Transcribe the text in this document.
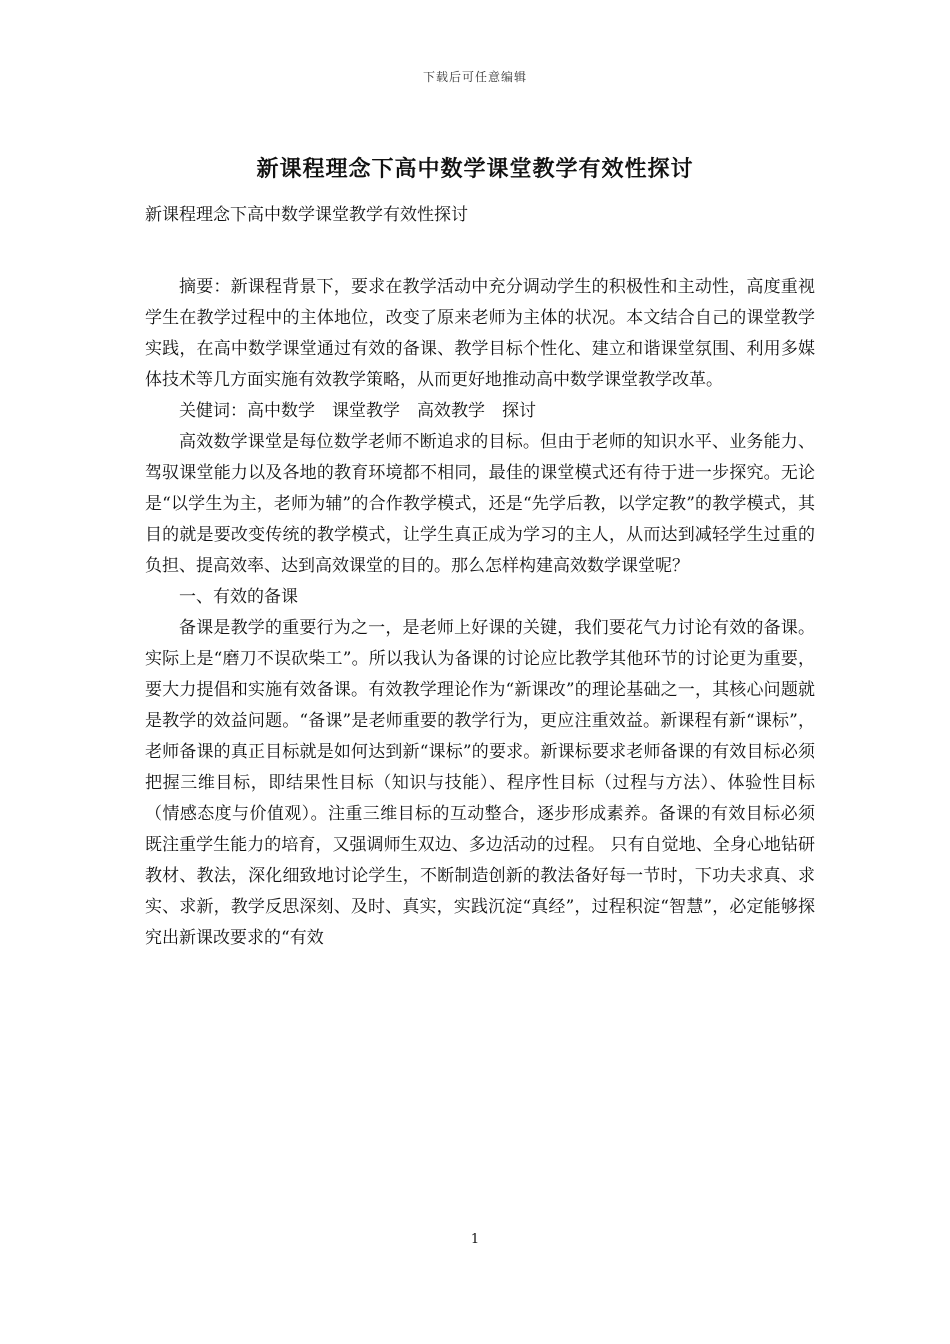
下载后可任意编辑
新课程理念下高中数学课堂教学有效性探讨
新课程理念下高中数学课堂教学有效性探讨

摘要：新课程背景下，要求在教学活动中充分调动学生的积极性和主动性，高度重视学生在教学过程中的主体地位，改变了原来老师为主体的状况。本文结合自己的课堂教学实践，在高中数学课堂通过有效的备课、教学目标个性化、建立和谐课堂氛围、利用多媒体技术等几方面实施有效教学策略，从而更好地推动高中数学课堂教学改革。

关健词：高中数学　课堂教学　高效教学　探讨

高效数学课堂是每位数学老师不断追求的目标。但由于老师的知识水平、业务能力、驾驭课堂能力以及各地的教育环境都不相同，最佳的课堂模式还有待于进一步探究。无论是“以学生为主，老师为辅”的合作教学模式，还是“先学后教，以学定教”的教学模式，其目的就是要改变传统的教学模式，让学生真正成为学习的主人，从而达到减轻学生过重的负担、提高效率、达到高效课堂的目的。那么怎样构建高效数学课堂呢？

一、有效的备课

备课是教学的重要行为之一，是老师上好课的关键，我们要花气力讨论有效的备课。实际上是“磨刀不误砍柴工”。所以我认为备课的讨论应比教学其他环节的讨论更为重要，要大力提倡和实施有效备课。有效教学理论作为“新课改”的理论基础之一，其核心问题就是教学的效益问题。“备课”是老师重要的教学行为，更应注重效益。新课程有新“课标”，老师备课的真正目标就是如何达到新“课标”的要求。新课标要求老师备课的有效目标必须把握三维目标，即结果性目标（知识与技能）、程序性目标（过程与方法）、体验性目标（情感态度与价值观）。注重三维目标的互动整合，逐步形成素养。备课的有效目标必须既注重学生能力的培育，又强调师生双边、多边活动的过程。 只有自觉地、全身心地钻研教材、教法，深化细致地讨论学生，不断制造创新的教法备好每一节时，下功夫求真、求实、求新，教学反思深刻、及时、真实，实践沉淀“真经”，过程积淀“智慧”，必定能够探究出新课改要求的“有效

1
